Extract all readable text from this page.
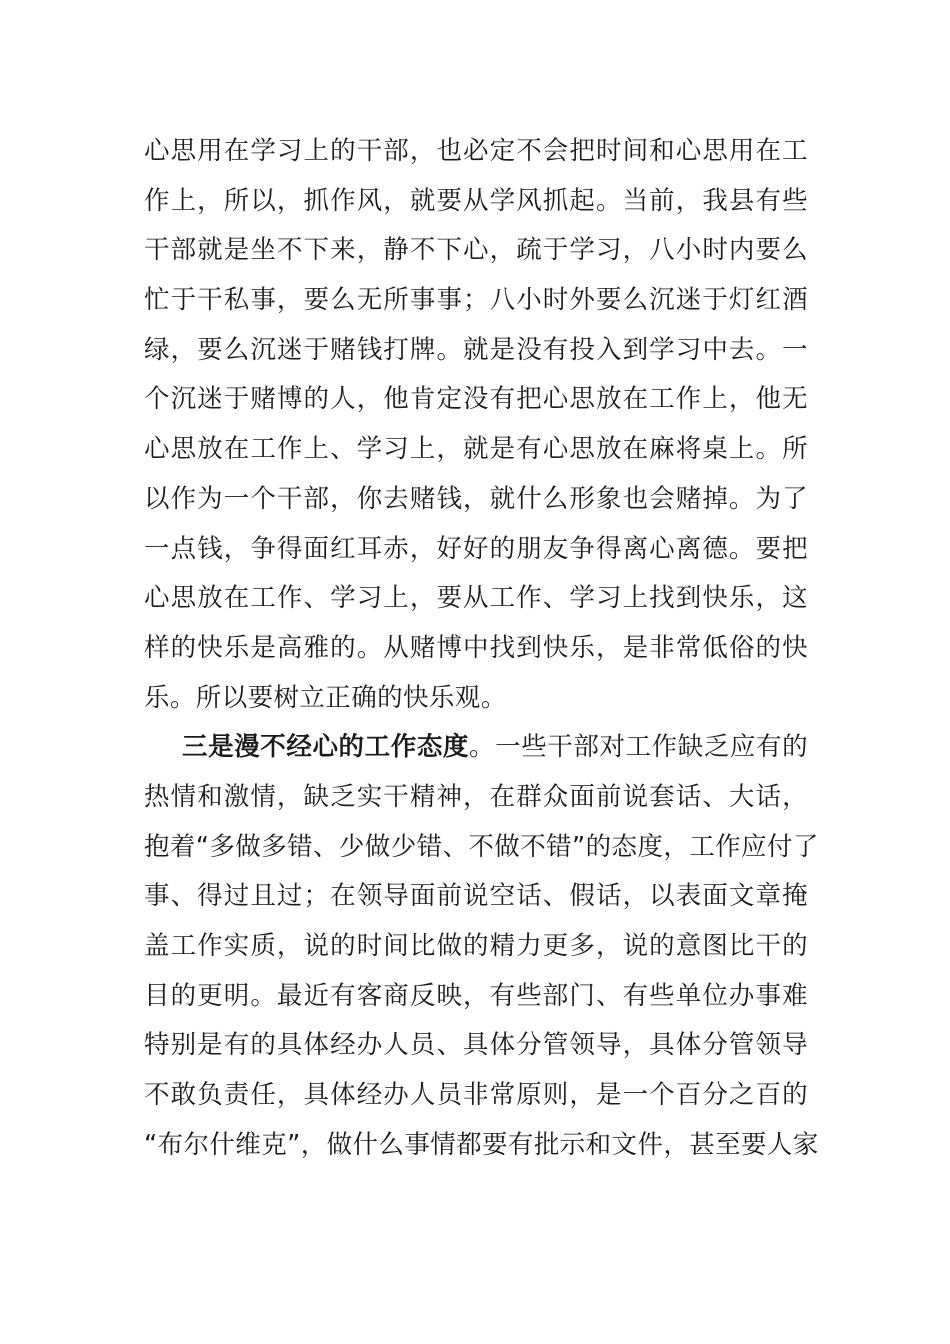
心思用在学习上的干部，也必定不会把时间和心思用在工
作上，所以，抓作风，就要从学风抓起。当前，我县有些
干部就是坐不下来，静不下心，疏于学习，八小时内要么
忙于干私事，要么无所事事；八小时外要么沉迷于灯红酒
绿，要么沉迷于赌钱打牌。就是没有投入到学习中去。一
个沉迷于赌博的人，他肯定没有把心思放在工作上，他无
心思放在工作上、学习上，就是有心思放在麻将桌上。所
以作为一个干部，你去赌钱，就什么形象也会赌掉。为了
一点钱，争得面红耳赤，好好的朋友争得离心离德。要把
心思放在工作、学习上，要从工作、学习上找到快乐，这
样的快乐是高雅的。从赌博中找到快乐，是非常低俗的快
乐。所以要树立正确的快乐观。
三是漫不经心的工作态度。一些干部对工作缺乏应有的
热情和激情，缺乏实干精神，在群众面前说套话、大话，
抱着“多做多错、少做少错、不做不错”的态度，工作应付了
事、得过且过；在领导面前说空话、假话，以表面文章掩
盖工作实质，说的时间比做的精力更多，说的意图比干的
目的更明。最近有客商反映，有些部门、有些单位办事难
特别是有的具体经办人员、具体分管领导，具体分管领导
不敢负责任，具体经办人员非常原则，是一个百分之百的
“布尔什维克”，做什么事情都要有批示和文件，甚至要人家
